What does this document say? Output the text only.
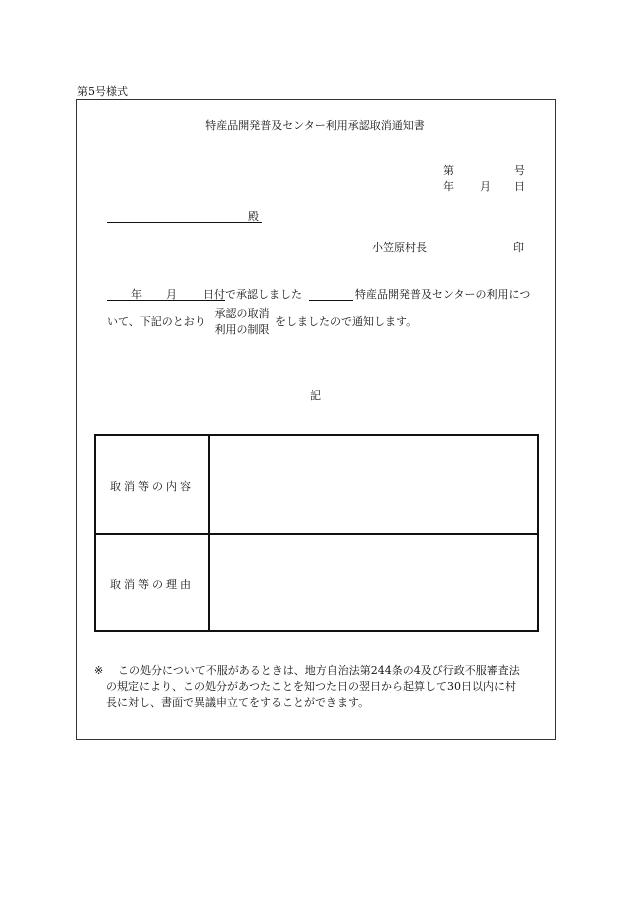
第5号様式
特産品開発普及センター利用承認取消通知書
第	号
年 月 日
殿
小笠原村長	印
年 月 日付で承認しました	特産品開発普及センターの利用につ
いて、下記のとおり
承認の取消
利用の制限
をしましたので通知します。
記
取消等の内容
取消等の理由
※	この処分について不服があるときは、地方自治法第244条の4及び行政不服審査法
の規定により、この処分があつたことを知つた日の翌日から起算して30日以内に村
長に対し、書面で異議申立てをすることができます。
